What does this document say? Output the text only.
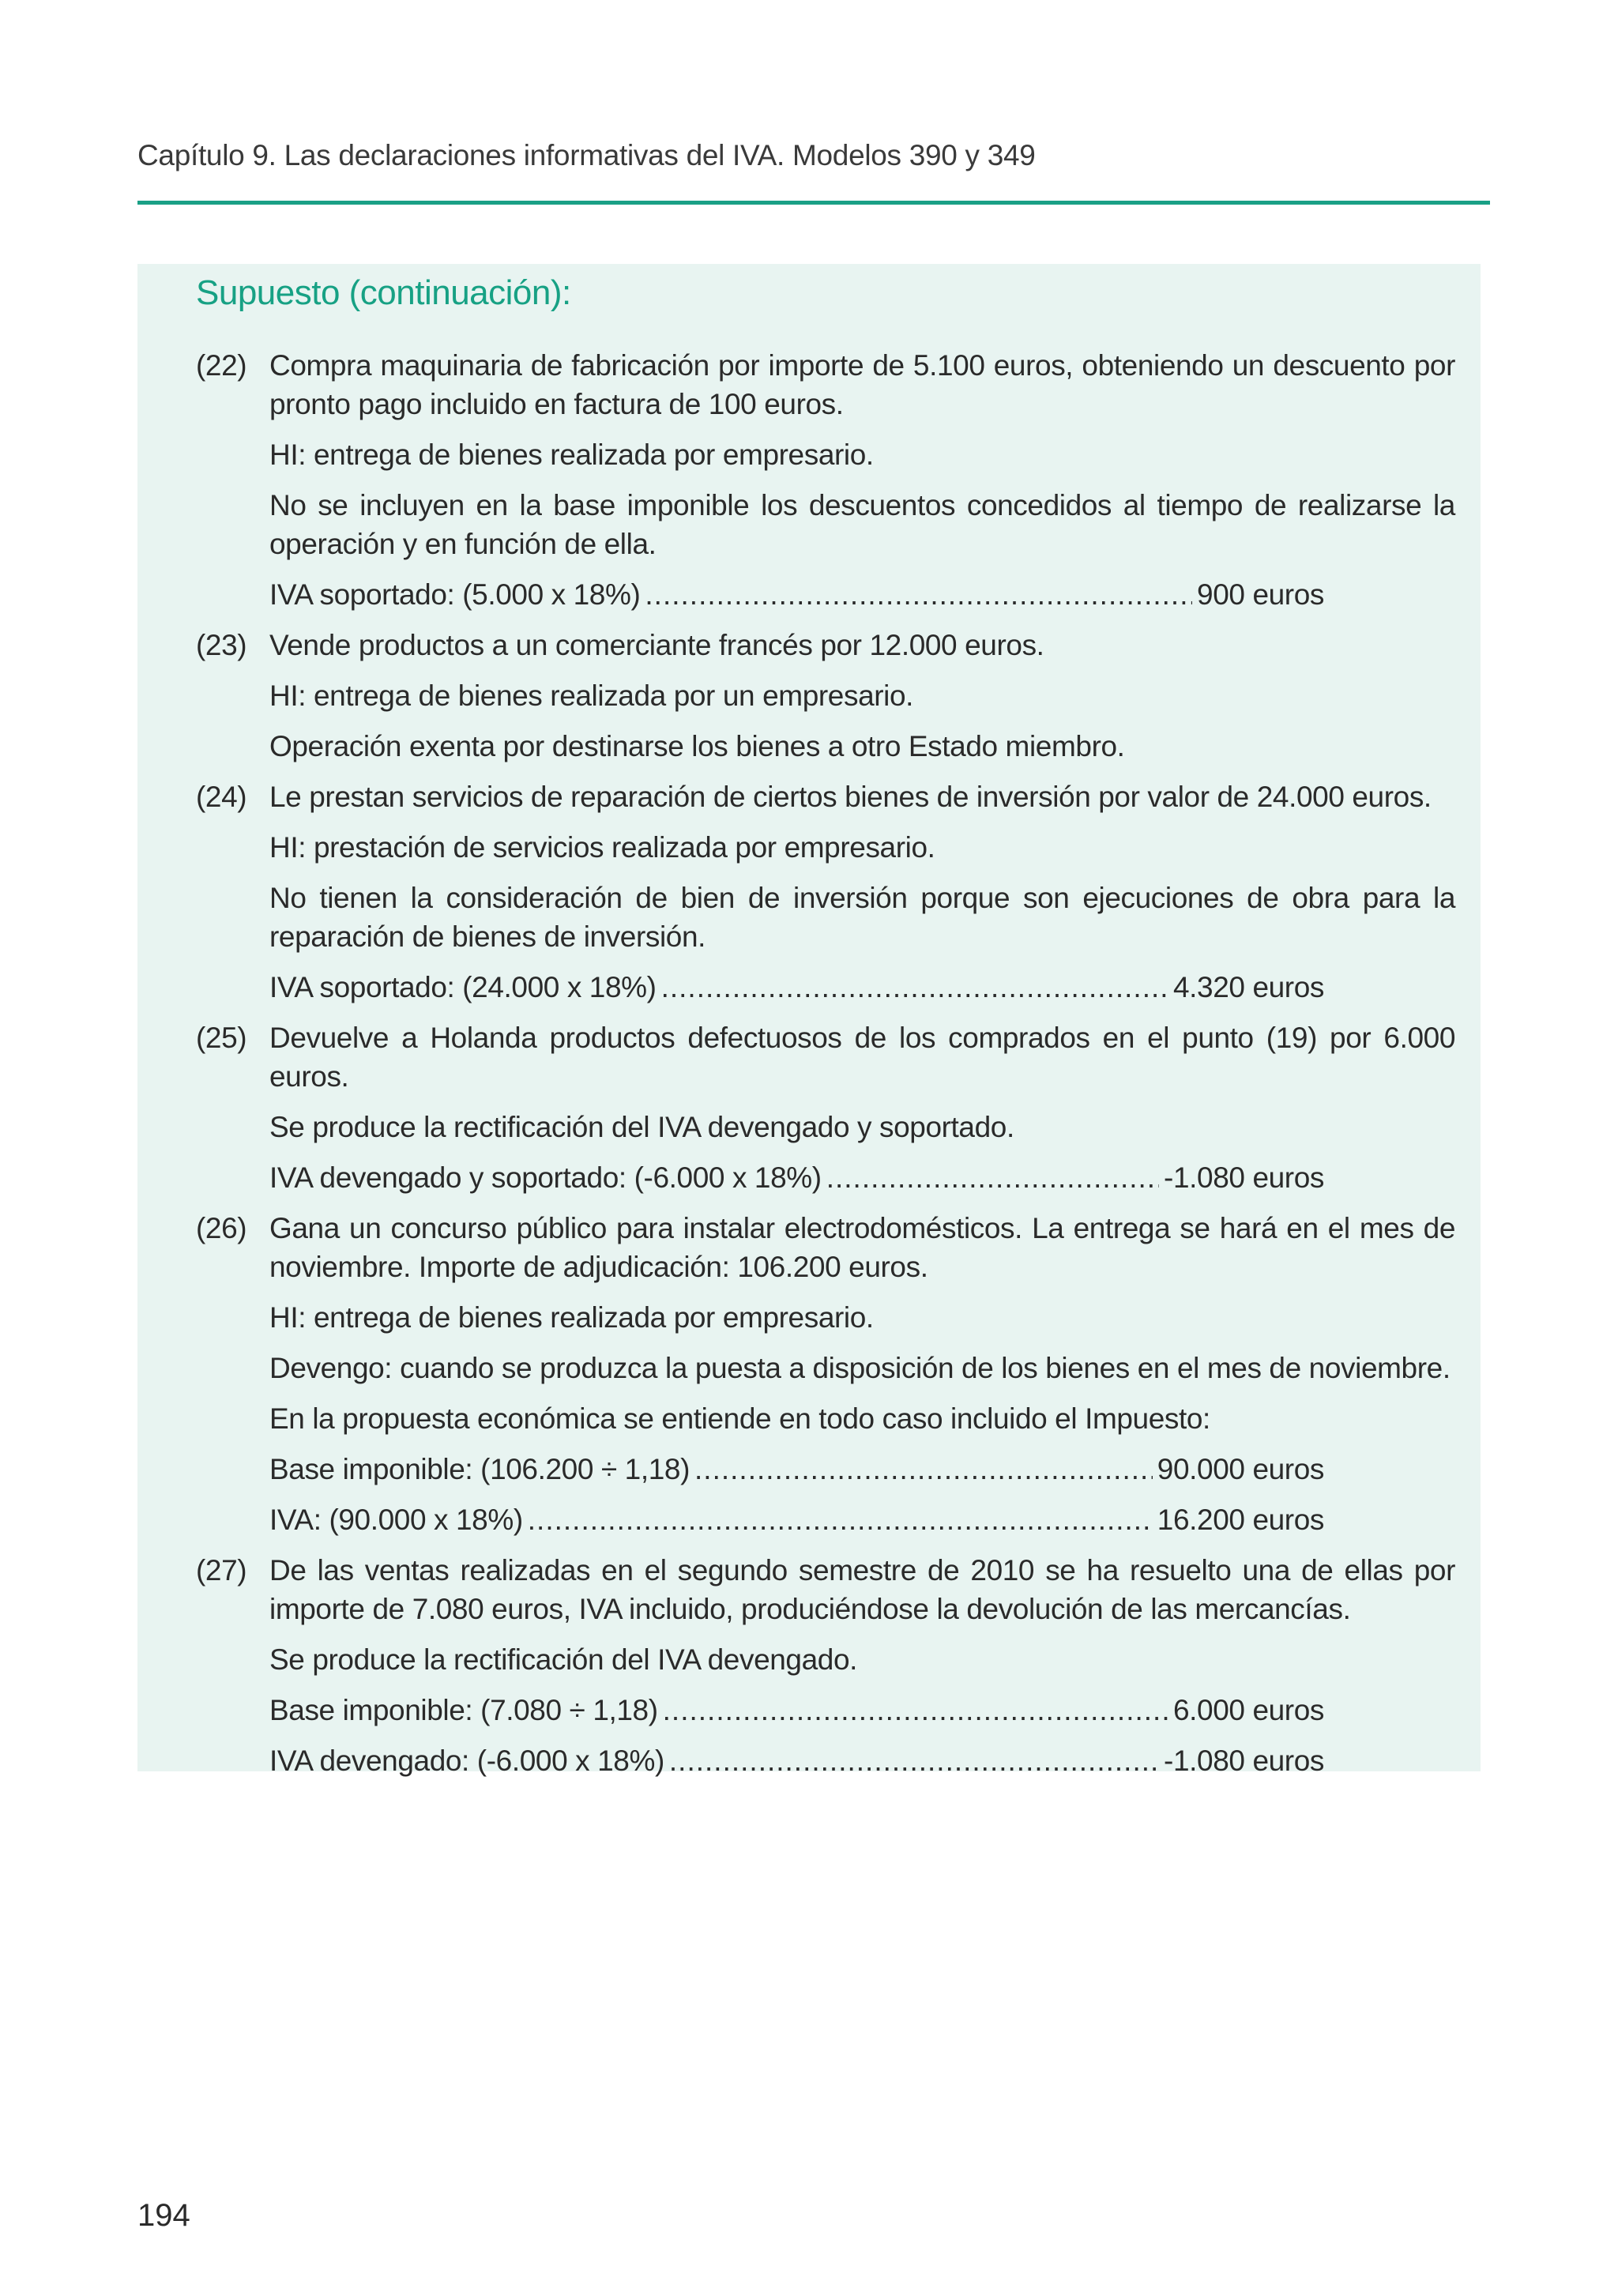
Capítulo 9. Las declaraciones informativas del IVA. Modelos 390 y 349
Supuesto (continuación):
(22) Compra maquinaria de fabricación por importe de 5.100 euros, obteniendo un descuento por pronto pago incluido en factura de 100 euros.
HI: entrega de bienes realizada por empresario.
No se incluyen en la base imponible los descuentos concedidos al tiempo de realizarse la operación y en función de ella.
IVA soportado: (5.000 x 18%) .....	900 euros
(23) Vende productos a un comerciante francés por 12.000 euros.
HI: entrega de bienes realizada por un empresario.
Operación exenta por destinarse los bienes a otro Estado miembro.
(24) Le prestan servicios de reparación de ciertos bienes de inversión por valor de 24.000 euros.
HI: prestación de servicios realizada por empresario.
No tienen la consideración de bien de inversión porque son ejecuciones de obra para la reparación de bienes de inversión.
IVA soportado: (24.000 x 18%) .....	4.320 euros
(25) Devuelve a Holanda productos defectuosos de los comprados en el punto (19) por 6.000 euros.
Se produce la rectificación del IVA devengado y soportado.
IVA devengado y soportado: (-6.000 x 18%) .....	-1.080 euros
(26) Gana un concurso público para instalar electrodomésticos. La entrega se hará en el mes de noviembre. Importe de adjudicación: 106.200 euros.
HI: entrega de bienes realizada por empresario.
Devengo: cuando se produzca la puesta a disposición de los bienes en el mes de noviembre.
En la propuesta económica se entiende en todo caso incluido el Impuesto:
Base imponible: (106.200 ÷ 1,18) .....	90.000 euros
IVA: (90.000 x 18%) .....	16.200 euros
(27) De las ventas realizadas en el segundo semestre de 2010 se ha resuelto una de ellas por importe de 7.080 euros, IVA incluido, produciéndose la devolución de las mercancías.
Se produce la rectificación del IVA devengado.
Base imponible: (7.080 ÷ 1,18) .....	6.000 euros
IVA devengado: (-6.000 x 18%) .....	-1.080 euros
194
